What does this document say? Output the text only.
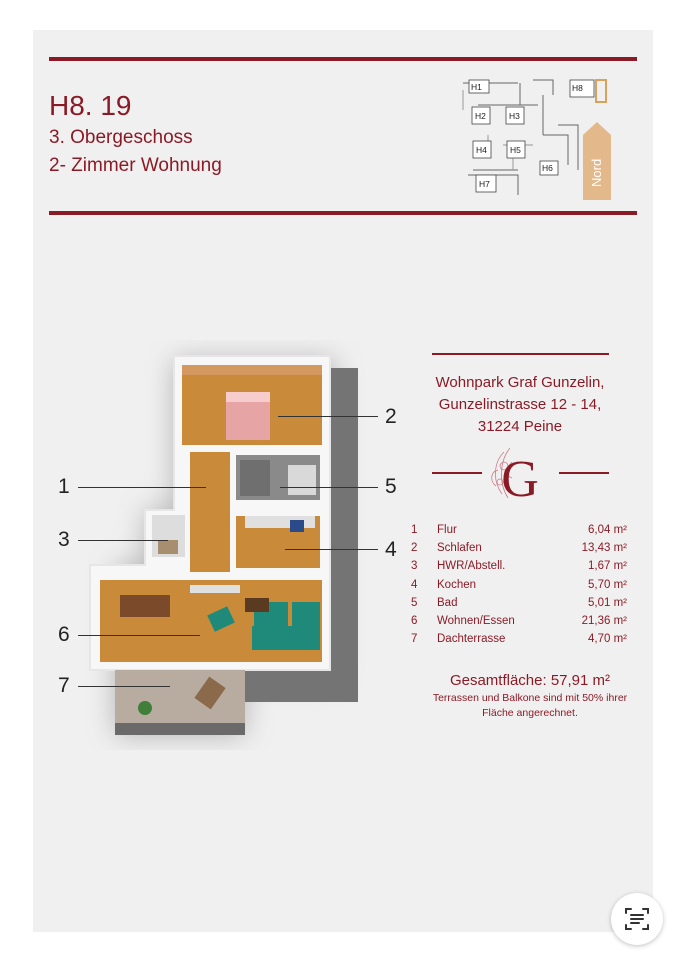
H8. 19
3. Obergeschoss
2- Zimmer Wohnung
H1
H2	H3
H4	H5
H6
H7
H8
Nord
1
2
3	4
5
6
7
Wohnpark Graf Gunzelin,
Gunzelinstrasse 12 - 14,
31224 Peine
G
1 Flur	6,04 m²
2 Schlafen	13,43 m²
3 HWR/Abstell.	1,67 m²
4 Kochen	5,70 m²
5 Bad	5,01 m²
6 Wohnen/Essen	21,36 m²
7 Dachterrasse	4,70 m²
Gesamtfläche: 57,91 m²
Terrassen und Balkone sind mit 50% ihrer
Fläche angerechnet.
